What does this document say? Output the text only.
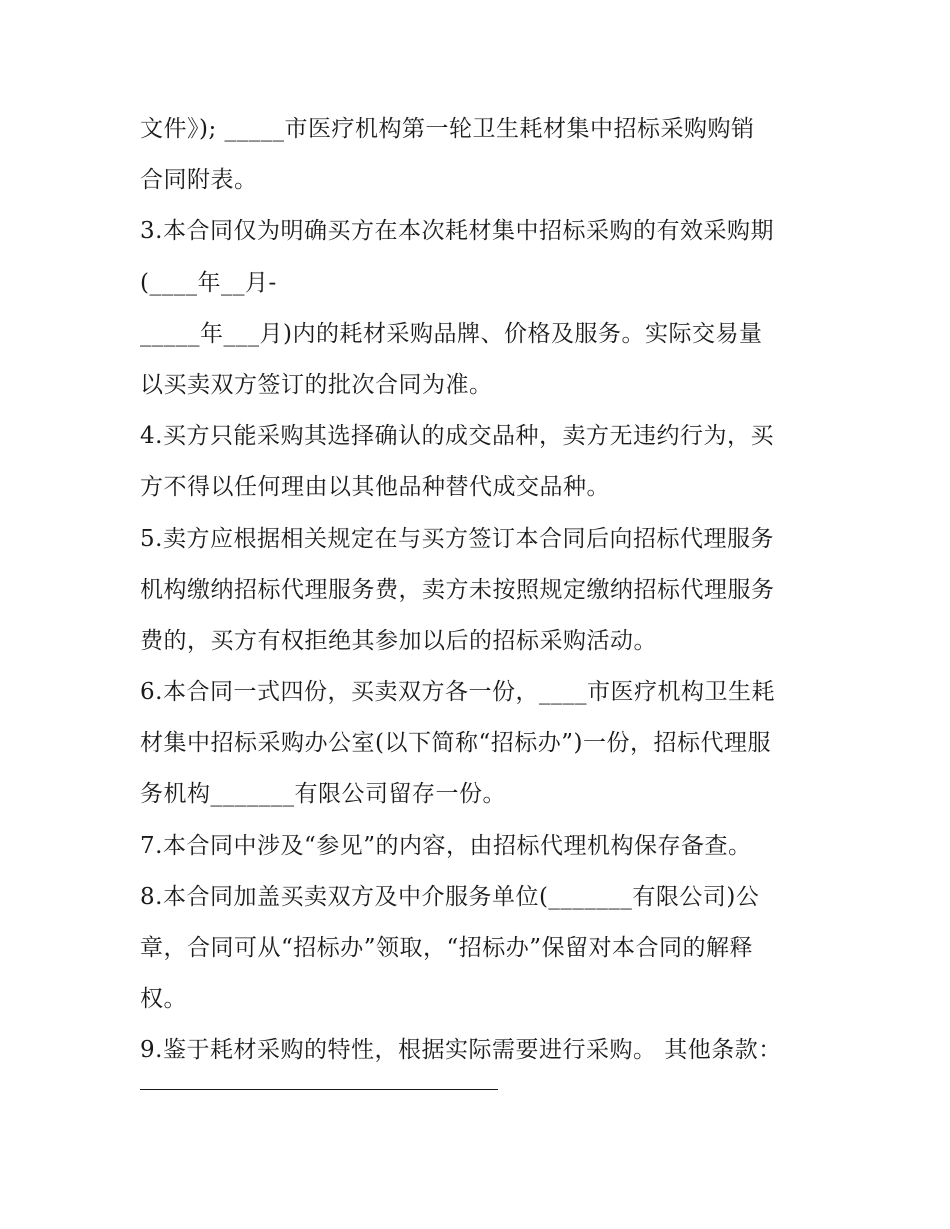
文件》); _____市医疗机构第一轮卫生耗材集中招标采购购销
合同附表。
3.本合同仅为明确买方在本次耗材集中招标采购的有效采购期
(____年__月-
_____年___月)内的耗材采购品牌、价格及服务。实际交易量
以买卖双方签订的批次合同为准。
4.买方只能采购其选择确认的成交品种，卖方无违约行为，买
方不得以任何理由以其他品种替代成交品种。
5.卖方应根据相关规定在与买方签订本合同后向招标代理服务
机构缴纳招标代理服务费，卖方未按照规定缴纳招标代理服务
费的，买方有权拒绝其参加以后的招标采购活动。
6.本合同一式四份，买卖双方各一份，____市医疗机构卫生耗
材集中招标采购办公室(以下简称“招标办”)一份，招标代理服
务机构_______有限公司留存一份。
7.本合同中涉及“参见”的内容，由招标代理机构保存备查。
8.本合同加盖买卖双方及中介服务单位(_______有限公司)公
章，合同可从“招标办”领取，“招标办”保留对本合同的解释
权。
9.鉴于耗材采购的特性，根据实际需要进行采购。 其他条款：
